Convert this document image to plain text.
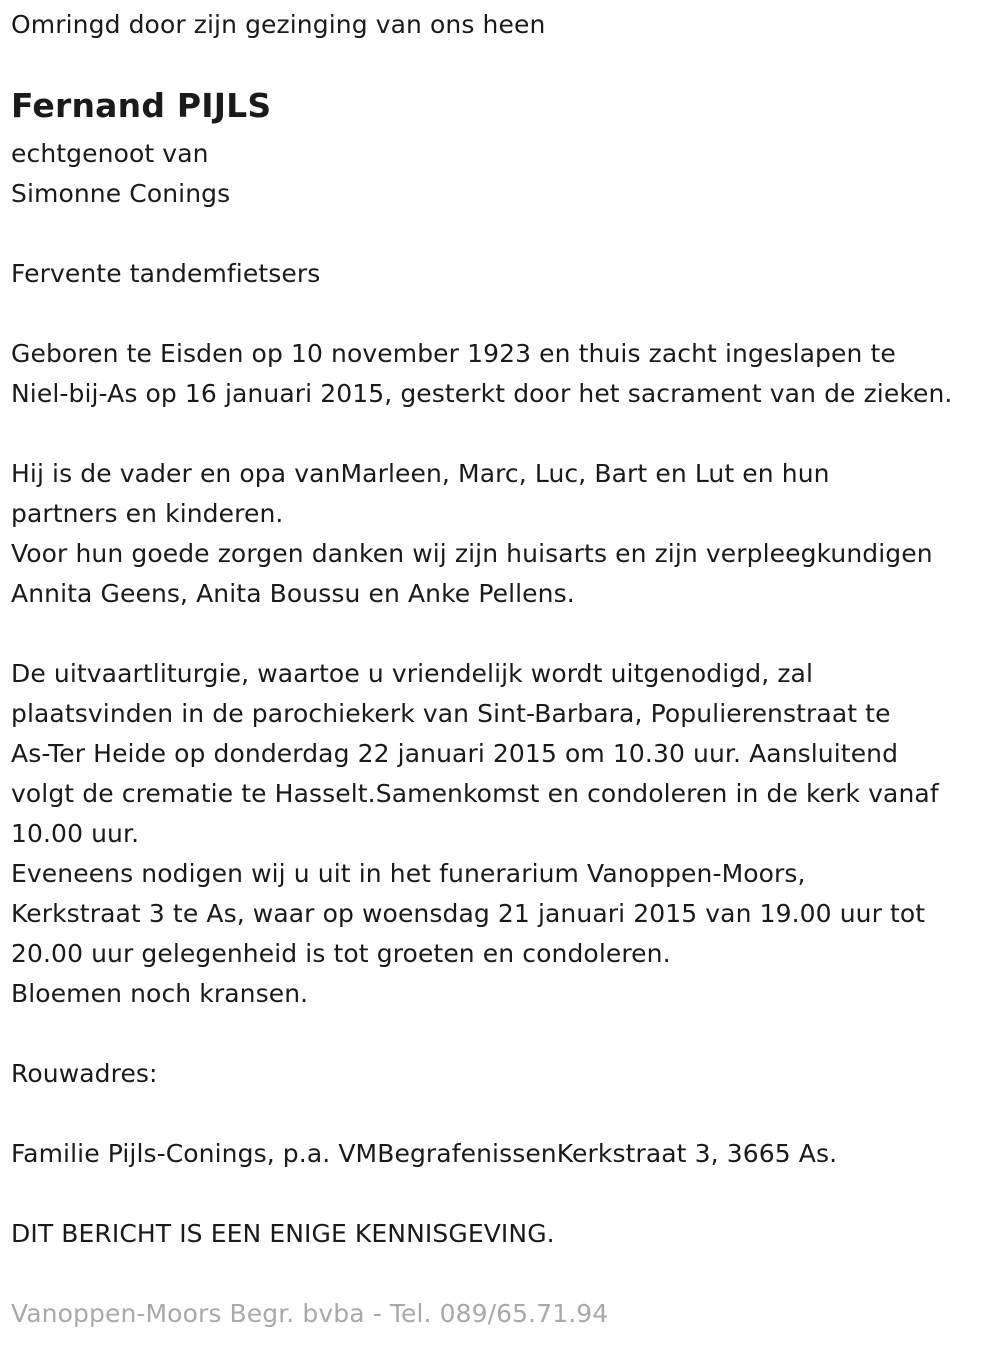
Omringd door zijn gezinging van ons heen
Fernand PIJLS
echtgenoot van
Simonne Conings
Fervente tandemfietsers
Geboren te Eisden op 10 november 1923 en thuis zacht ingeslapen te
Niel-bij-As op 16 januari 2015, gesterkt door het sacrament van de zieken.
Hij is de vader en opa vanMarleen, Marc, Luc, Bart en Lut en hun
partners en kinderen.
Voor hun goede zorgen danken wij zijn huisarts en zijn verpleegkundigen
Annita Geens, Anita Boussu en Anke Pellens.
De uitvaartliturgie, waartoe u vriendelijk wordt uitgenodigd, zal
plaatsvinden in de parochiekerk van Sint-Barbara, Populierenstraat te
As-Ter Heide op donderdag 22 januari 2015 om 10.30 uur. Aansluitend
volgt de crematie te Hasselt.Samenkomst en condoleren in de kerk vanaf
10.00 uur.
Eveneens nodigen wij u uit in het funerarium Vanoppen-Moors,
Kerkstraat 3 te As, waar op woensdag 21 januari 2015 van 19.00 uur tot
20.00 uur gelegenheid is tot groeten en condoleren.
Bloemen noch kransen.
Rouwadres:
Familie Pijls-Conings, p.a. VMBegrafenissenKerkstraat 3, 3665 As.
DIT BERICHT IS EEN ENIGE KENNISGEVING.
Vanoppen-Moors Begr. bvba - Tel. 089/65.71.94
